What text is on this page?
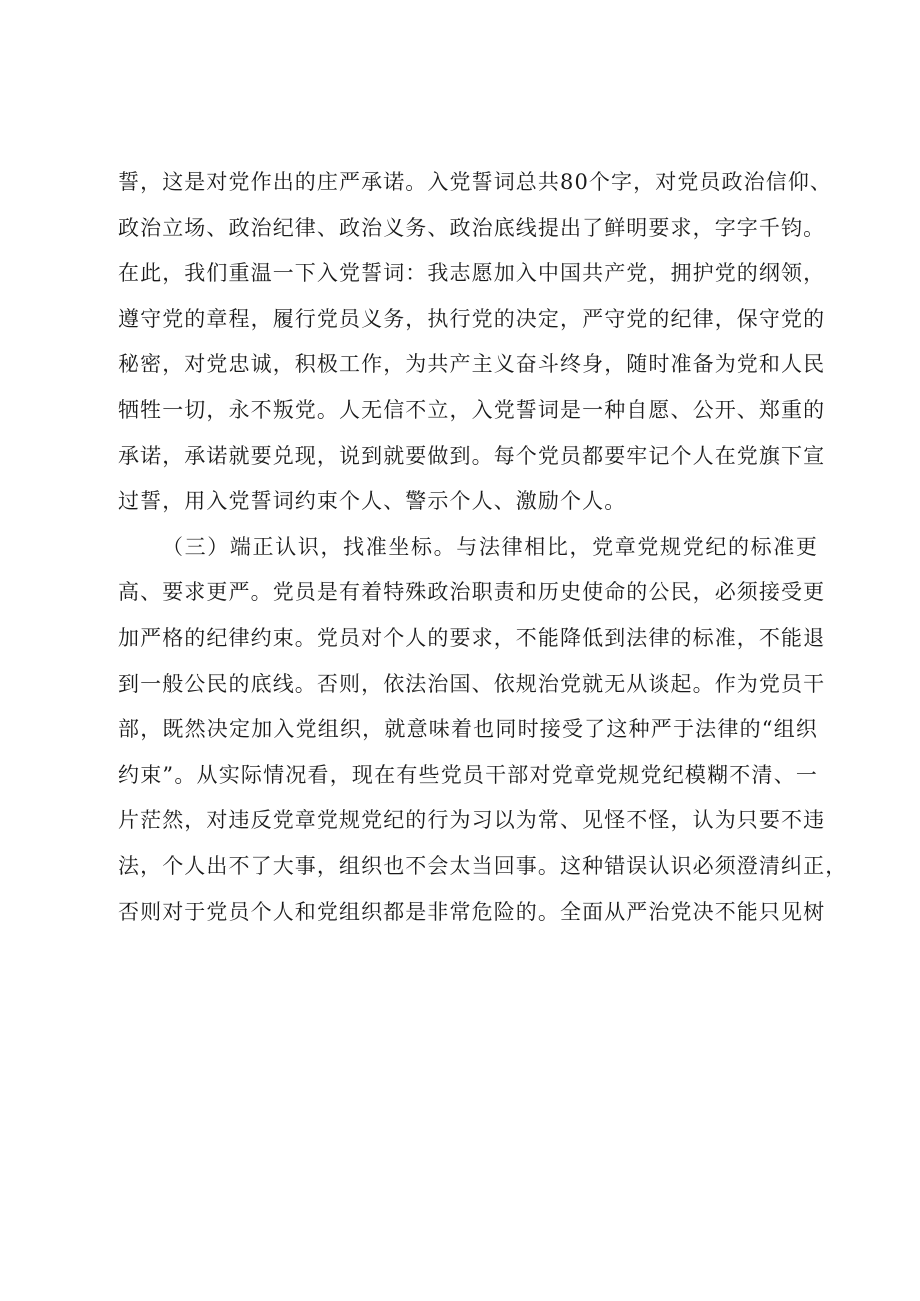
誓，这是对党作出的庄严承诺。入党誓词总共80个字，对党员政治信仰、
政治立场、政治纪律、政治义务、政治底线提出了鲜明要求，字字千钧。
在此，我们重温一下入党誓词：我志愿加入中国共产党，拥护党的纲领，
遵守党的章程，履行党员义务，执行党的决定，严守党的纪律，保守党的
秘密，对党忠诚，积极工作，为共产主义奋斗终身，随时准备为党和人民
牺牲一切，永不叛党。人无信不立，入党誓词是一种自愿、公开、郑重的
承诺，承诺就要兑现，说到就要做到。每个党员都要牢记个人在党旗下宣
过誓，用入党誓词约束个人、警示个人、激励个人。
（三）端正认识，找准坐标。与法律相比，党章党规党纪的标准更
高、要求更严。党员是有着特殊政治职责和历史使命的公民，必须接受更
加严格的纪律约束。党员对个人的要求，不能降低到法律的标准，不能退
到一般公民的底线。否则，依法治国、依规治党就无从谈起。作为党员干
部，既然决定加入党组织，就意味着也同时接受了这种严于法律的“组织
约束”。从实际情况看，现在有些党员干部对党章党规党纪模糊不清、一
片茫然，对违反党章党规党纪的行为习以为常、见怪不怪，认为只要不违
法，个人出不了大事，组织也不会太当回事。这种错误认识必须澄清纠正，
否则对于党员个人和党组织都是非常危险的。全面从严治党决不能只见树
